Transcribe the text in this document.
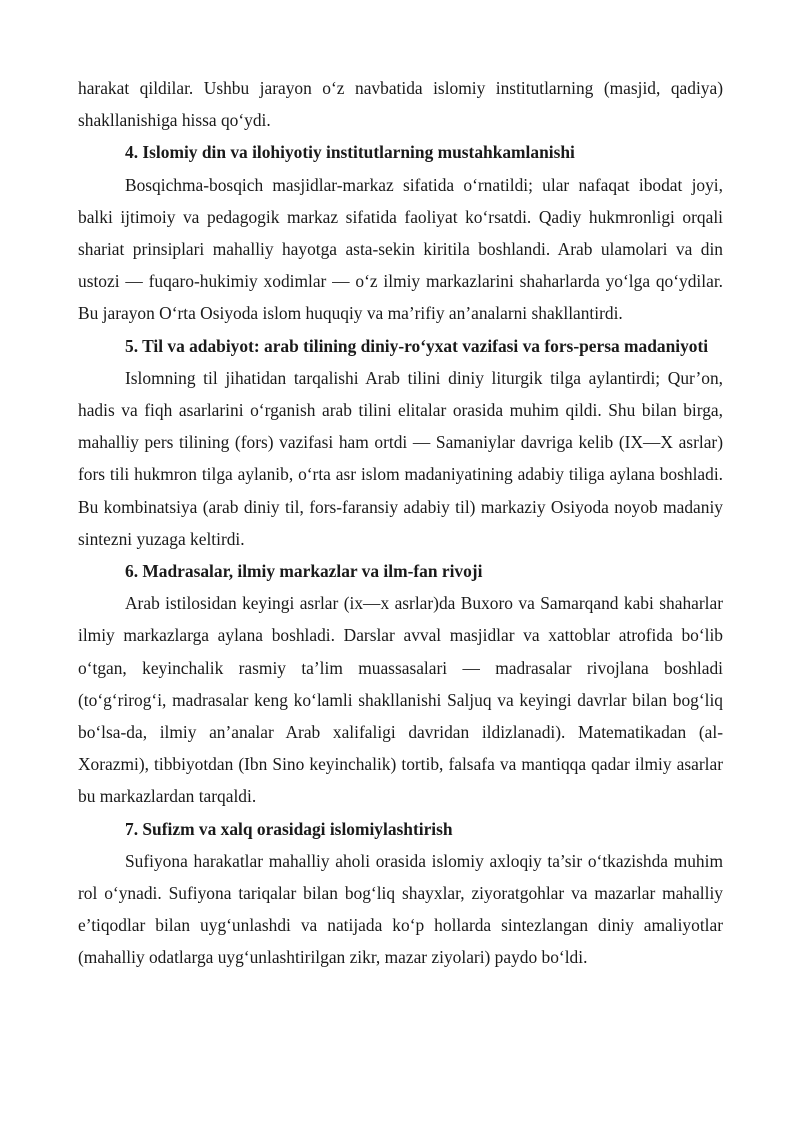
harakat qildilar. Ushbu jarayon o‘z navbatida islomiy institutlarning (masjid, qadiya) shakllanishiga hissa qo‘ydi.

4. Islomiy din va ilohiyotiy institutlarning mustahkamlanishi

Bosqichma-bosqich masjidlar-markaz sifatida o‘rnatildi; ular nafaqat ibodat joyi, balki ijtimoiy va pedagogik markaz sifatida faoliyat ko‘rsatdi. Qadiy hukmronligi orqali shariat prinsiplari mahalliy hayotga asta-sekin kiritila boshlandi. Arab ulamolari va din ustozi — fuqaro-hukimiy xodimlar — o‘z ilmiy markazlarini shaharlarda yo‘lga qo‘ydilar. Bu jarayon O‘rta Osiyoda islom huquqiy va ma’rifiy an’analarni shakllantirdi.

5. Til va adabiyot: arab tilining diniy-ro‘yxat vazifasi va fors-persa madaniyoti

Islomning til jihatidan tarqalishi Arab tilini diniy liturgik tilga aylantirdi; Qur’on, hadis va fiqh asarlarini o‘rganish arab tilini elitalar orasida muhim qildi. Shu bilan birga, mahalliy pers tilining (fors) vazifasi ham ortdi — Samaniylar davriga kelib (IX—X asrlar) fors tili hukmron tilga aylanib, o‘rta asr islom madaniyatining adabiy tiliga aylana boshladi. Bu kombinatsiya (arab diniy til, fors-faransiy adabiy til) markaziy Osiyoda noyob madaniy sintezni yuzaga keltirdi.

6. Madrasalar, ilmiy markazlar va ilm-fan rivoji

Arab istilosidan keyingi asrlar (ix—x asrlar)da Buxoro va Samarqand kabi shaharlar ilmiy markazlarga aylana boshladi. Darslar avval masjidlar va xattoblar atrofida bo‘lib o‘tgan, keyinchalik rasmiy ta’lim muassasalari — madrasalar rivojlana boshladi (to‘g‘rirog‘i, madrasalar keng ko‘lamli shakllanishi Saljuq va keyingi davrlar bilan bog‘liq bo‘lsa-da, ilmiy an’analar Arab xalifaligi davridan ildizlanadi). Matematikadan (al-Xorazmi), tibbiyotdan (Ibn Sino keyinchalik) tortib, falsafa va mantiqqa qadar ilmiy asarlar bu markazlardan tarqaldi.

7. Sufizm va xalq orasidagi islomiylashtirish

Sufiyona harakatlar mahalliy aholi orasida islomiy axloqiy ta’sir o‘tkazishda muhim rol o‘ynadi. Sufiyona tariqalar bilan bog‘liq shayxlar, ziyoratgohlar va mazarlar mahalliy e’tiqodlar bilan uyg‘unlashdi va natijada ko‘p hollarda sintezlangan diniy amaliyotlar (mahalliy odatlarga uyg‘unlashtirilgan zikr, mazar ziyolari) paydo bo‘ldi.
